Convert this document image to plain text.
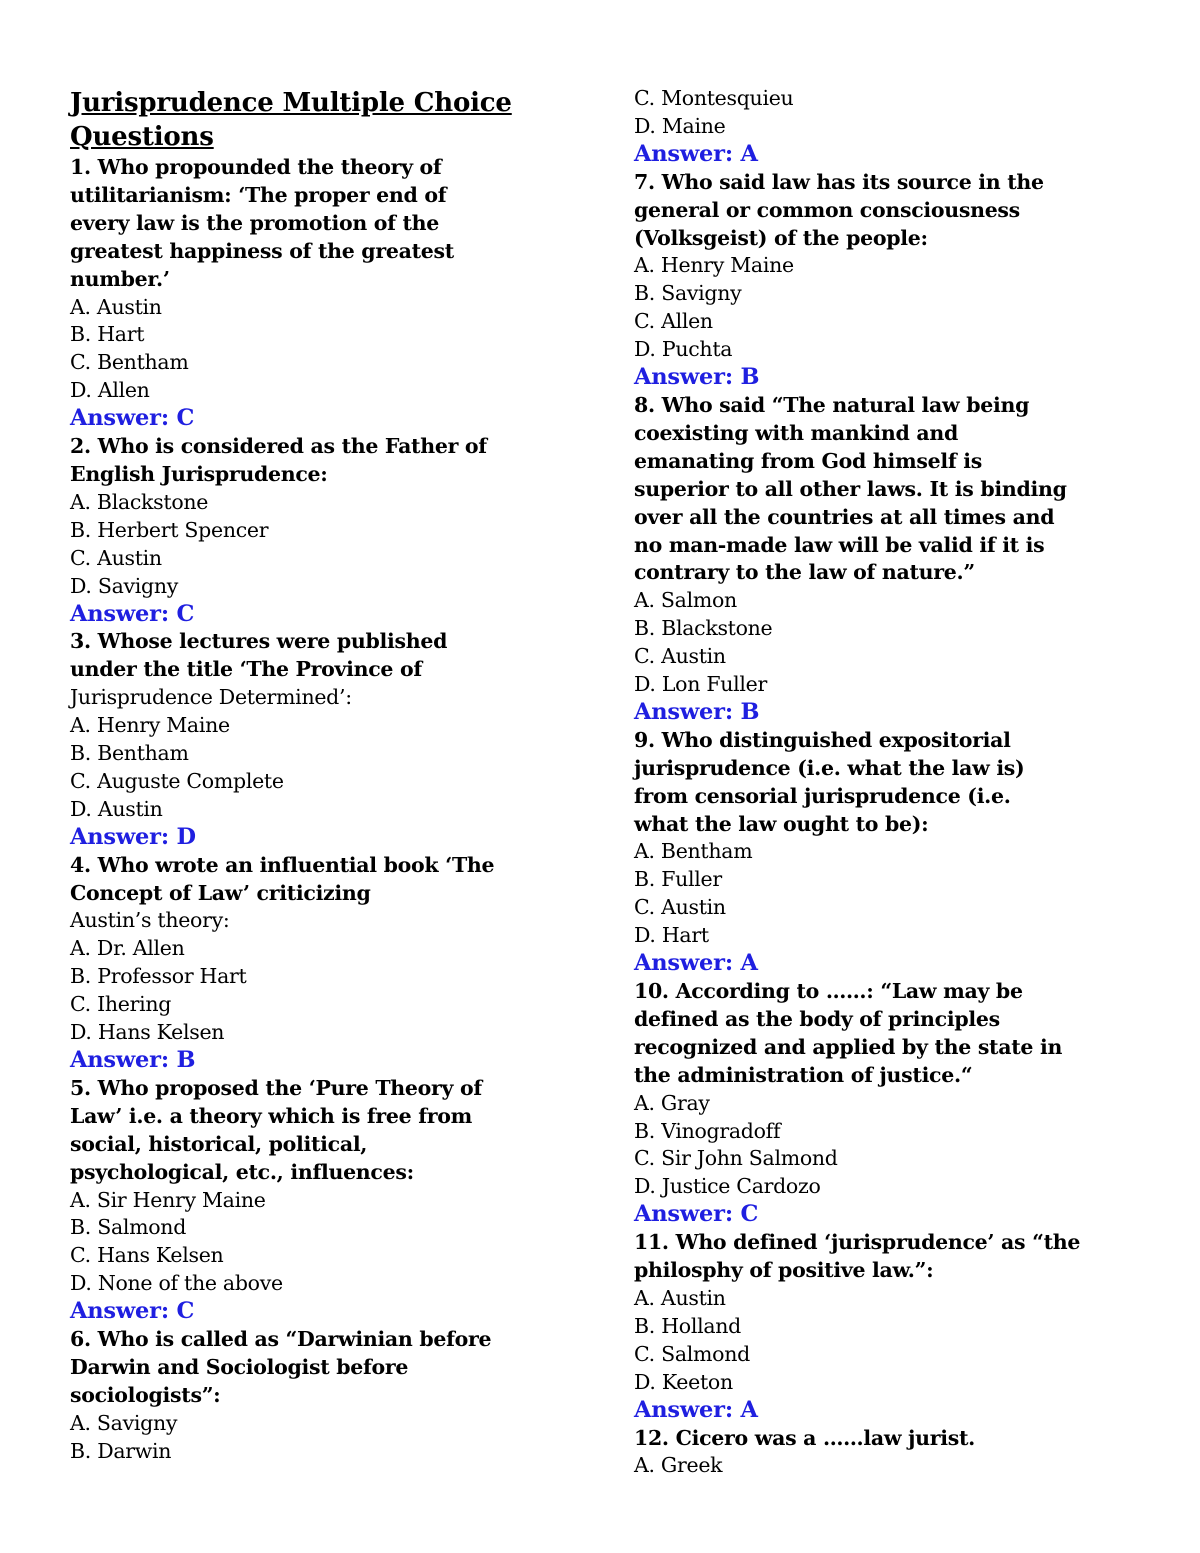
Jurisprudence Multiple Choice
Questions
1. Who propounded the theory of
utilitarianism: ‘The proper end of
every law is the promotion of the
greatest happiness of the greatest
number.’
A. Austin
B. Hart
C. Bentham
D. Allen
Answer: C
2. Who is considered as the Father of
English Jurisprudence:
A. Blackstone
B. Herbert Spencer
C. Austin
D. Savigny
Answer: C
3. Whose lectures were published
under the title ‘The Province of
Jurisprudence Determined’:
A. Henry Maine
B. Bentham
C. Auguste Complete
D. Austin
Answer: D
4. Who wrote an influential book ‘The
Concept of Law’ criticizing
Austin’s theory:
A. Dr. Allen
B. Professor Hart
C. Ihering
D. Hans Kelsen
Answer: B
5. Who proposed the ‘Pure Theory of
Law’ i.e. a theory which is free from
social, historical, political,
psychological, etc., influences:
A. Sir Henry Maine
B. Salmond
C. Hans Kelsen
D. None of the above
Answer: C
6. Who is called as “Darwinian before
Darwin and Sociologist before
sociologists”:
A. Savigny
B. Darwin
C. Montesquieu
D. Maine
Answer: A
7. Who said law has its source in the
general or common consciousness
(Volksgeist) of the people:
A. Henry Maine
B. Savigny
C. Allen
D. Puchta
Answer: B
8. Who said “The natural law being
coexisting with mankind and
emanating from God himself is
superior to all other laws. It is binding
over all the countries at all times and
no man-made law will be valid if it is
contrary to the law of nature.”
A. Salmon
B. Blackstone
C. Austin
D. Lon Fuller
Answer: B
9. Who distinguished expositorial
jurisprudence (i.e. what the law is)
from censorial jurisprudence (i.e.
what the law ought to be):
A. Bentham
B. Fuller
C. Austin
D. Hart
Answer: A
10. According to ……: “Law may be
defined as the body of principles
recognized and applied by the state in
the administration of justice.“
A. Gray
B. Vinogradoff
C. Sir John Salmond
D. Justice Cardozo
Answer: C
11. Who defined ‘jurisprudence’ as “the
philosphy of positive law.”:
A. Austin
B. Holland
C. Salmond
D. Keeton
Answer: A
12. Cicero was a ……law jurist.
A. Greek
